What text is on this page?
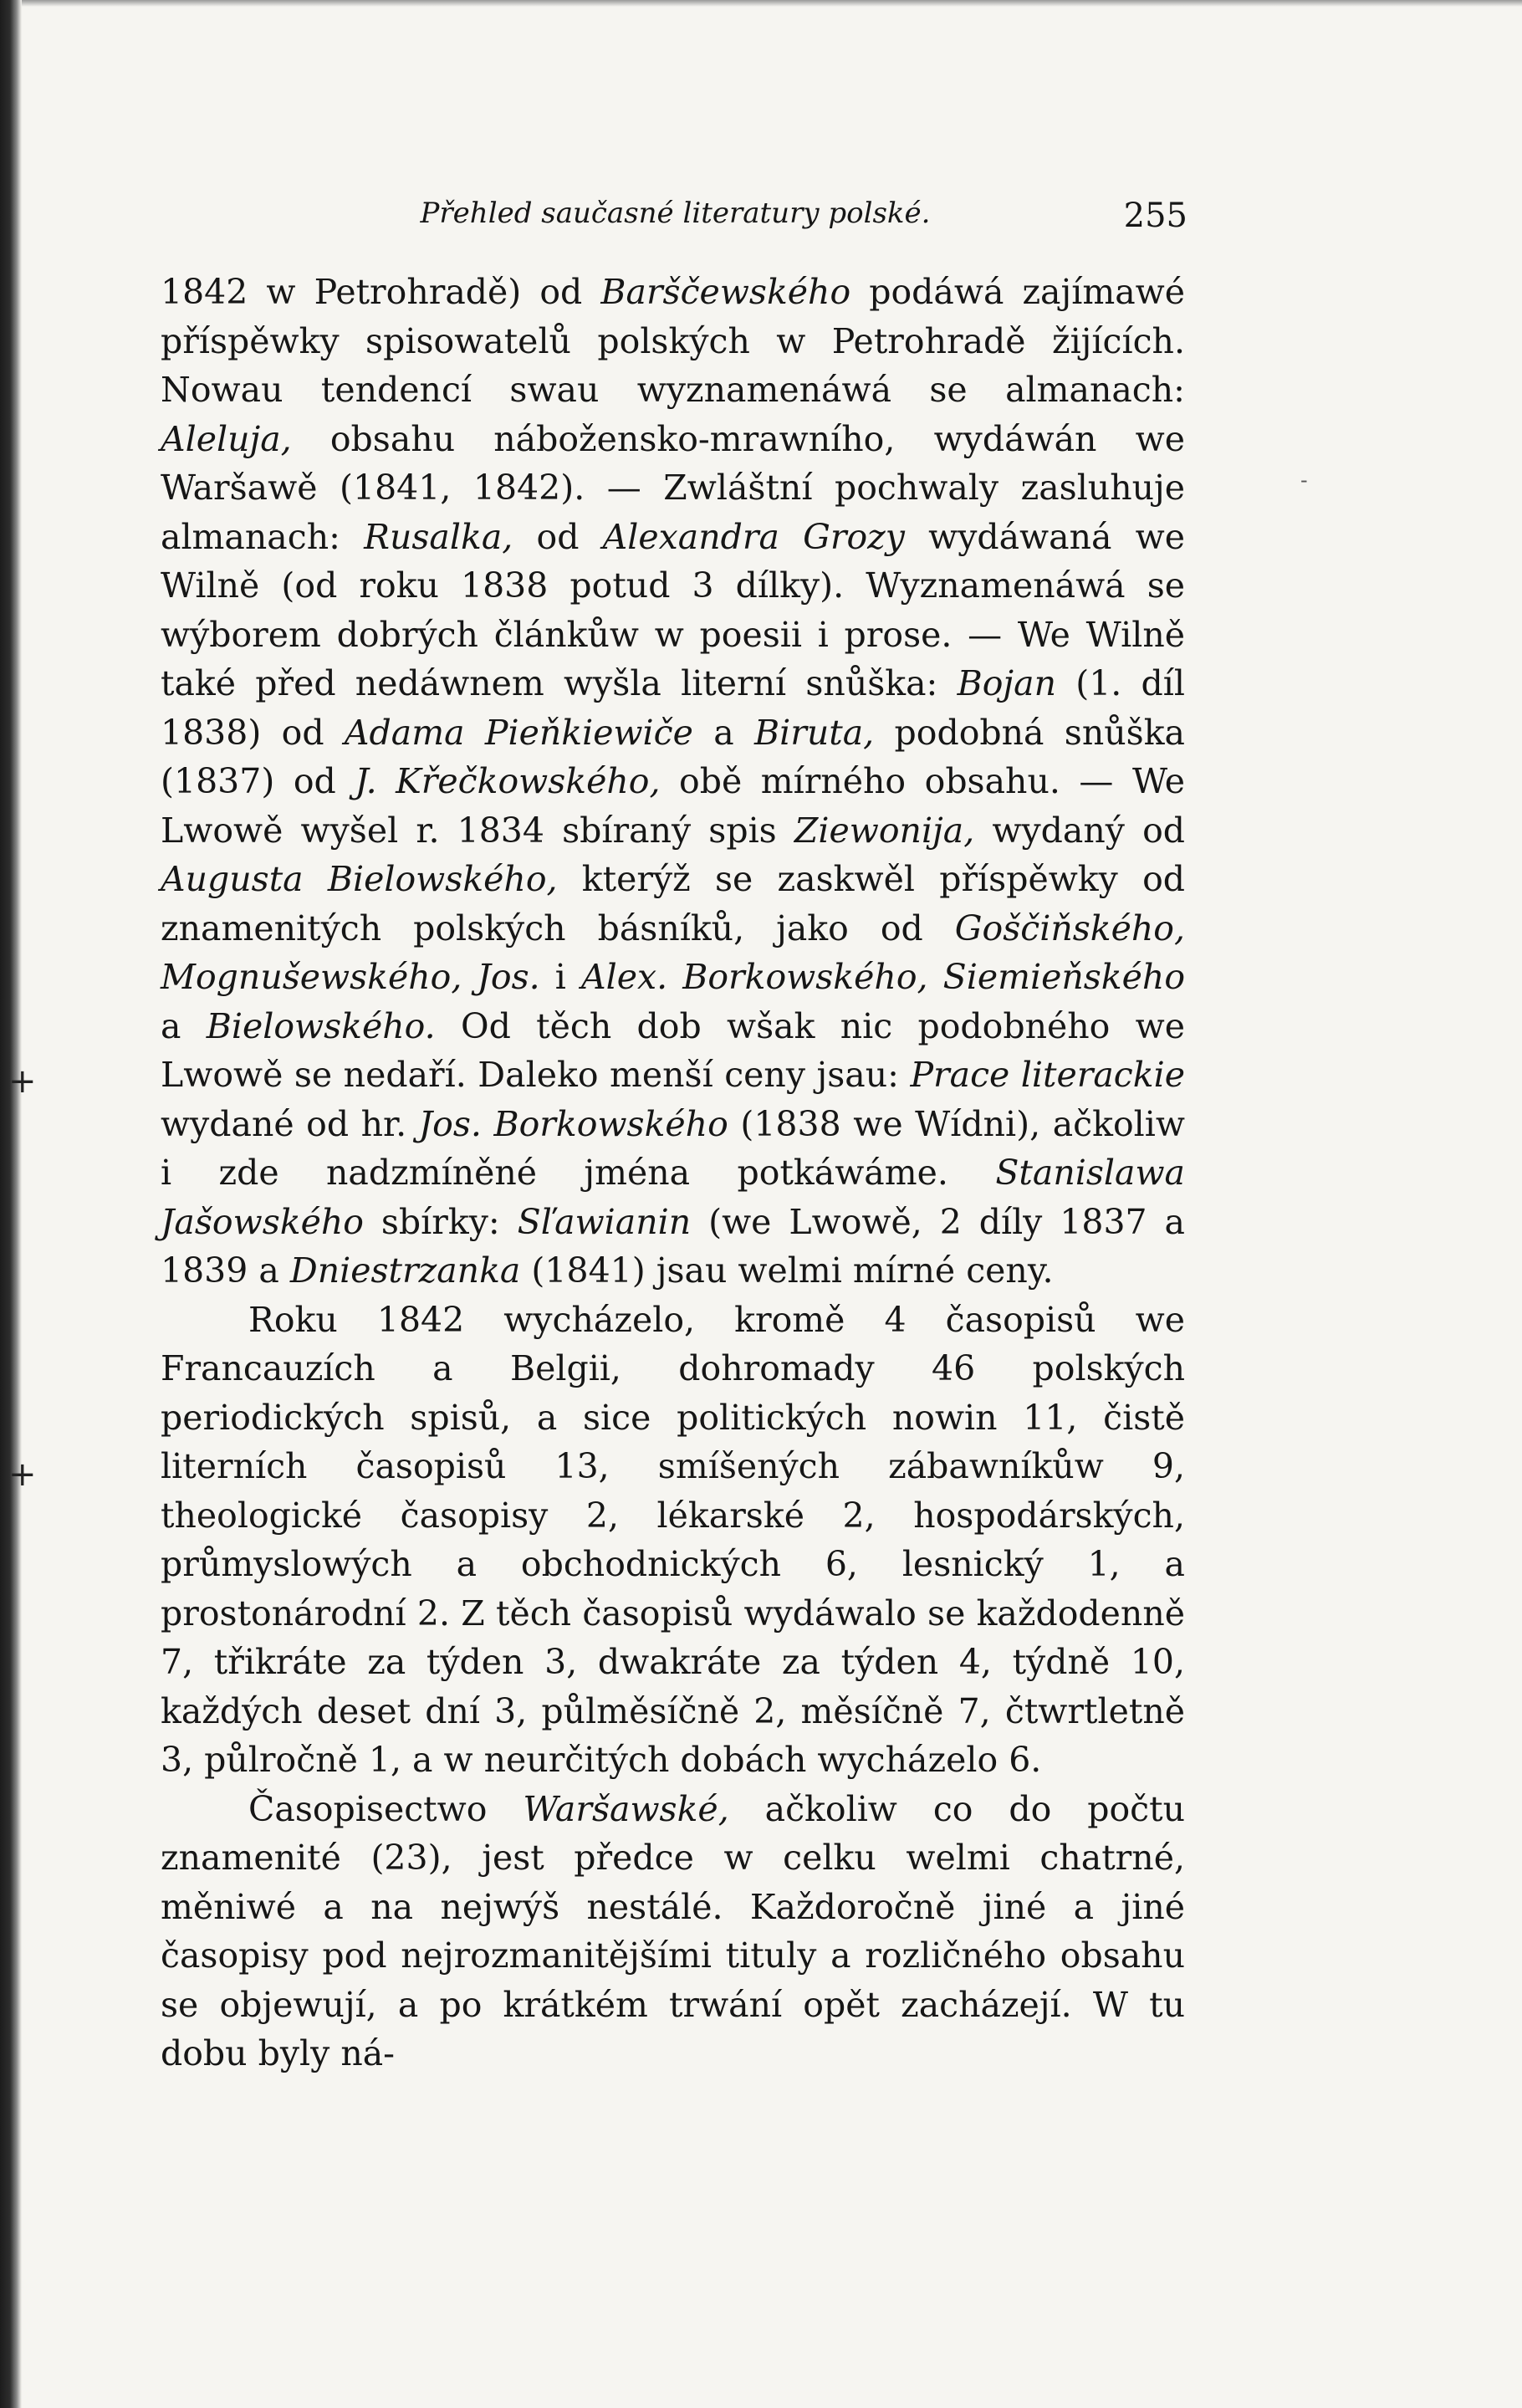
+
+
-
Přehled saučasné literatury polské.	255

1842 w Petrohradě) od Barščewského podáwá zajímawé příspěwky spisowatelů polských w Petrohradě žijících. Nowau tendencí swau wyznamenáwá se almanach: Aleluja, obsahu nábožensko-mrawního, wydáwán we Waršawě (1841, 1842). — Zwláštní pochwaly zasluhuje almanach: Rusalka, od Alexandra Grozy wydáwaná we Wilně (od roku 1838 potud 3 dílky). Wyznamenáwá se wýborem dobrých článkůw w poesii i prose. — We Wilně také před nedáwnem wyšla literní snůška: Bojan (1. díl 1838) od Adama Pieňkiewiče a Biruta, podobná snůška (1837) od J. Křečkowského, obě mírného obsahu. — We Lwowě wyšel r. 1834 sbíraný spis Ziewonija, wydaný od Augusta Bielowského, kterýž se zaskwěl příspěwky od znamenitých polských básníků, jako od Goščiňského, Mognušewského, Jos. i Alex. Borkowského, Siemieňského a Bielowského. Od těch dob wšak nic podobného we Lwowě se nedaří. Daleko menší ceny jsau: Prace literackie wydané od hr. Jos. Borkowského (1838 we Wídni), ačkoliw i zde nadzmíněné jména potkáwáme. Stanislawa Jašowského sbírky: Sľawianin (we Lwowě, 2 díly 1837 a 1839 a Dniestrzanka (1841) jsau welmi mírné ceny.

Roku 1842 wycházelo, kromě 4 časopisů we Francauzích a Belgii, dohromady 46 polských periodických spisů, a sice politických nowin 11, čistě literních časopisů 13, smíšených zábawníkůw 9, theologické časopisy 2, lékarské 2, hospodárských, průmyslowých a obchodnických 6, lesnický 1, a prostonárodní 2. Z těch časopisů wydáwalo se každodenně 7, třikráte za týden 3, dwakráte za týden 4, týdně 10, každých deset dní 3, půlměsíčně 2, měsíčně 7, čtwrtletně 3, půlročně 1, a w neurčitých dobách wycházelo 6.

Časopisectwo Waršawské, ačkoliw co do počtu znamenité (23), jest předce w celku welmi chatrné, měniwé a na nejwýš nestálé. Každoročně jiné a jiné časopisy pod nejrozmanitějšími tituly a rozličného obsahu se objewují, a po krátkém trwání opět zacházejí. W tu dobu byly ná-
